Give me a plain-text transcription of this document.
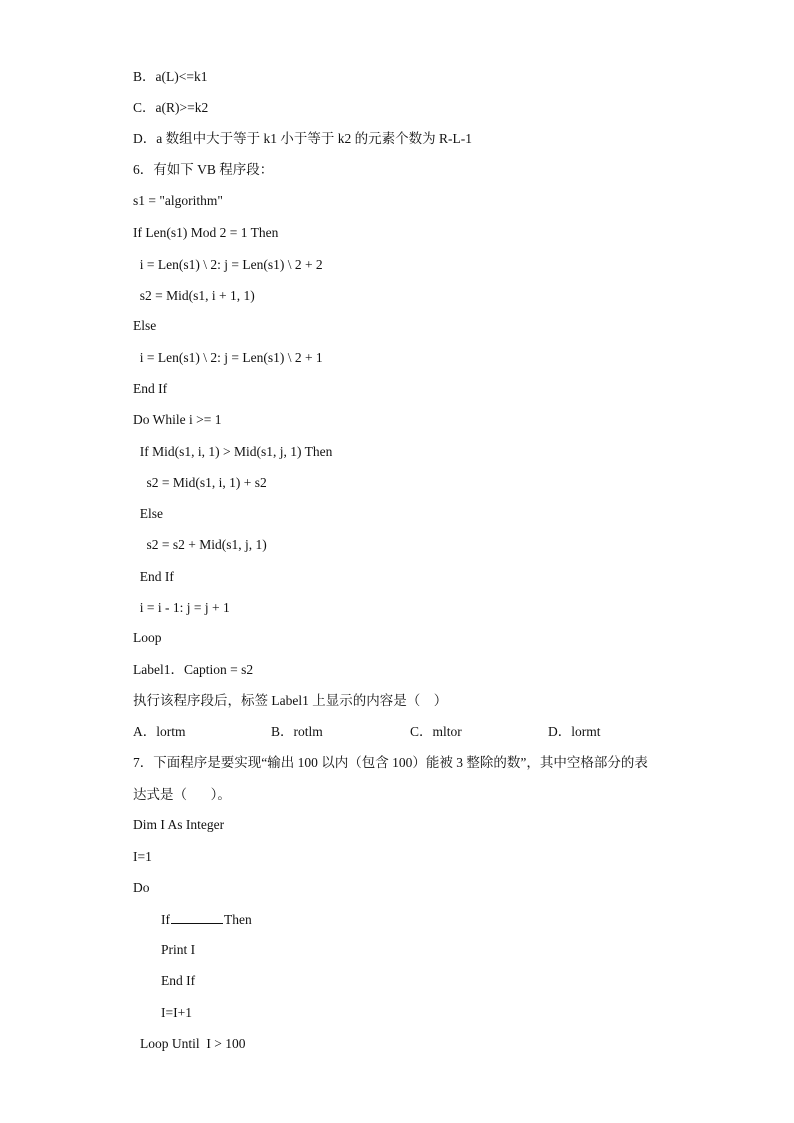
B．a(L)<=k1
C．a(R)>=k2
D．a 数组中大于等于 k1 小于等于 k2 的元素个数为 R-L-1
6．有如下 VB 程序段：
s1 = "algorithm"
If Len(s1) Mod 2 = 1 Then
i = Len(s1) \ 2: j = Len(s1) \ 2 + 2
s2 = Mid(s1, i + 1, 1)
Else
i = Len(s1) \ 2: j = Len(s1) \ 2 + 1
End If
Do While i >= 1
If Mid(s1, i, 1) > Mid(s1, j, 1) Then
s2 = Mid(s1, i, 1) + s2
Else
s2 = s2 + Mid(s1, j, 1)
End If
i = i - 1: j = j + 1
Loop
Label1．Caption = s2
执行该程序段后，标签 Label1 上显示的内容是（    ）
A．lortm	B．rotlm	C．mltor	D．lormt
7．下面程序是要实现“输出 100 以内（包含 100）能被 3 整除的数”，其中空格部分的表
达式是（       ）。
Dim I As Integer
I=1
Do
If	Then
Print I
End If
I=I+1
Loop Until  I > 100
